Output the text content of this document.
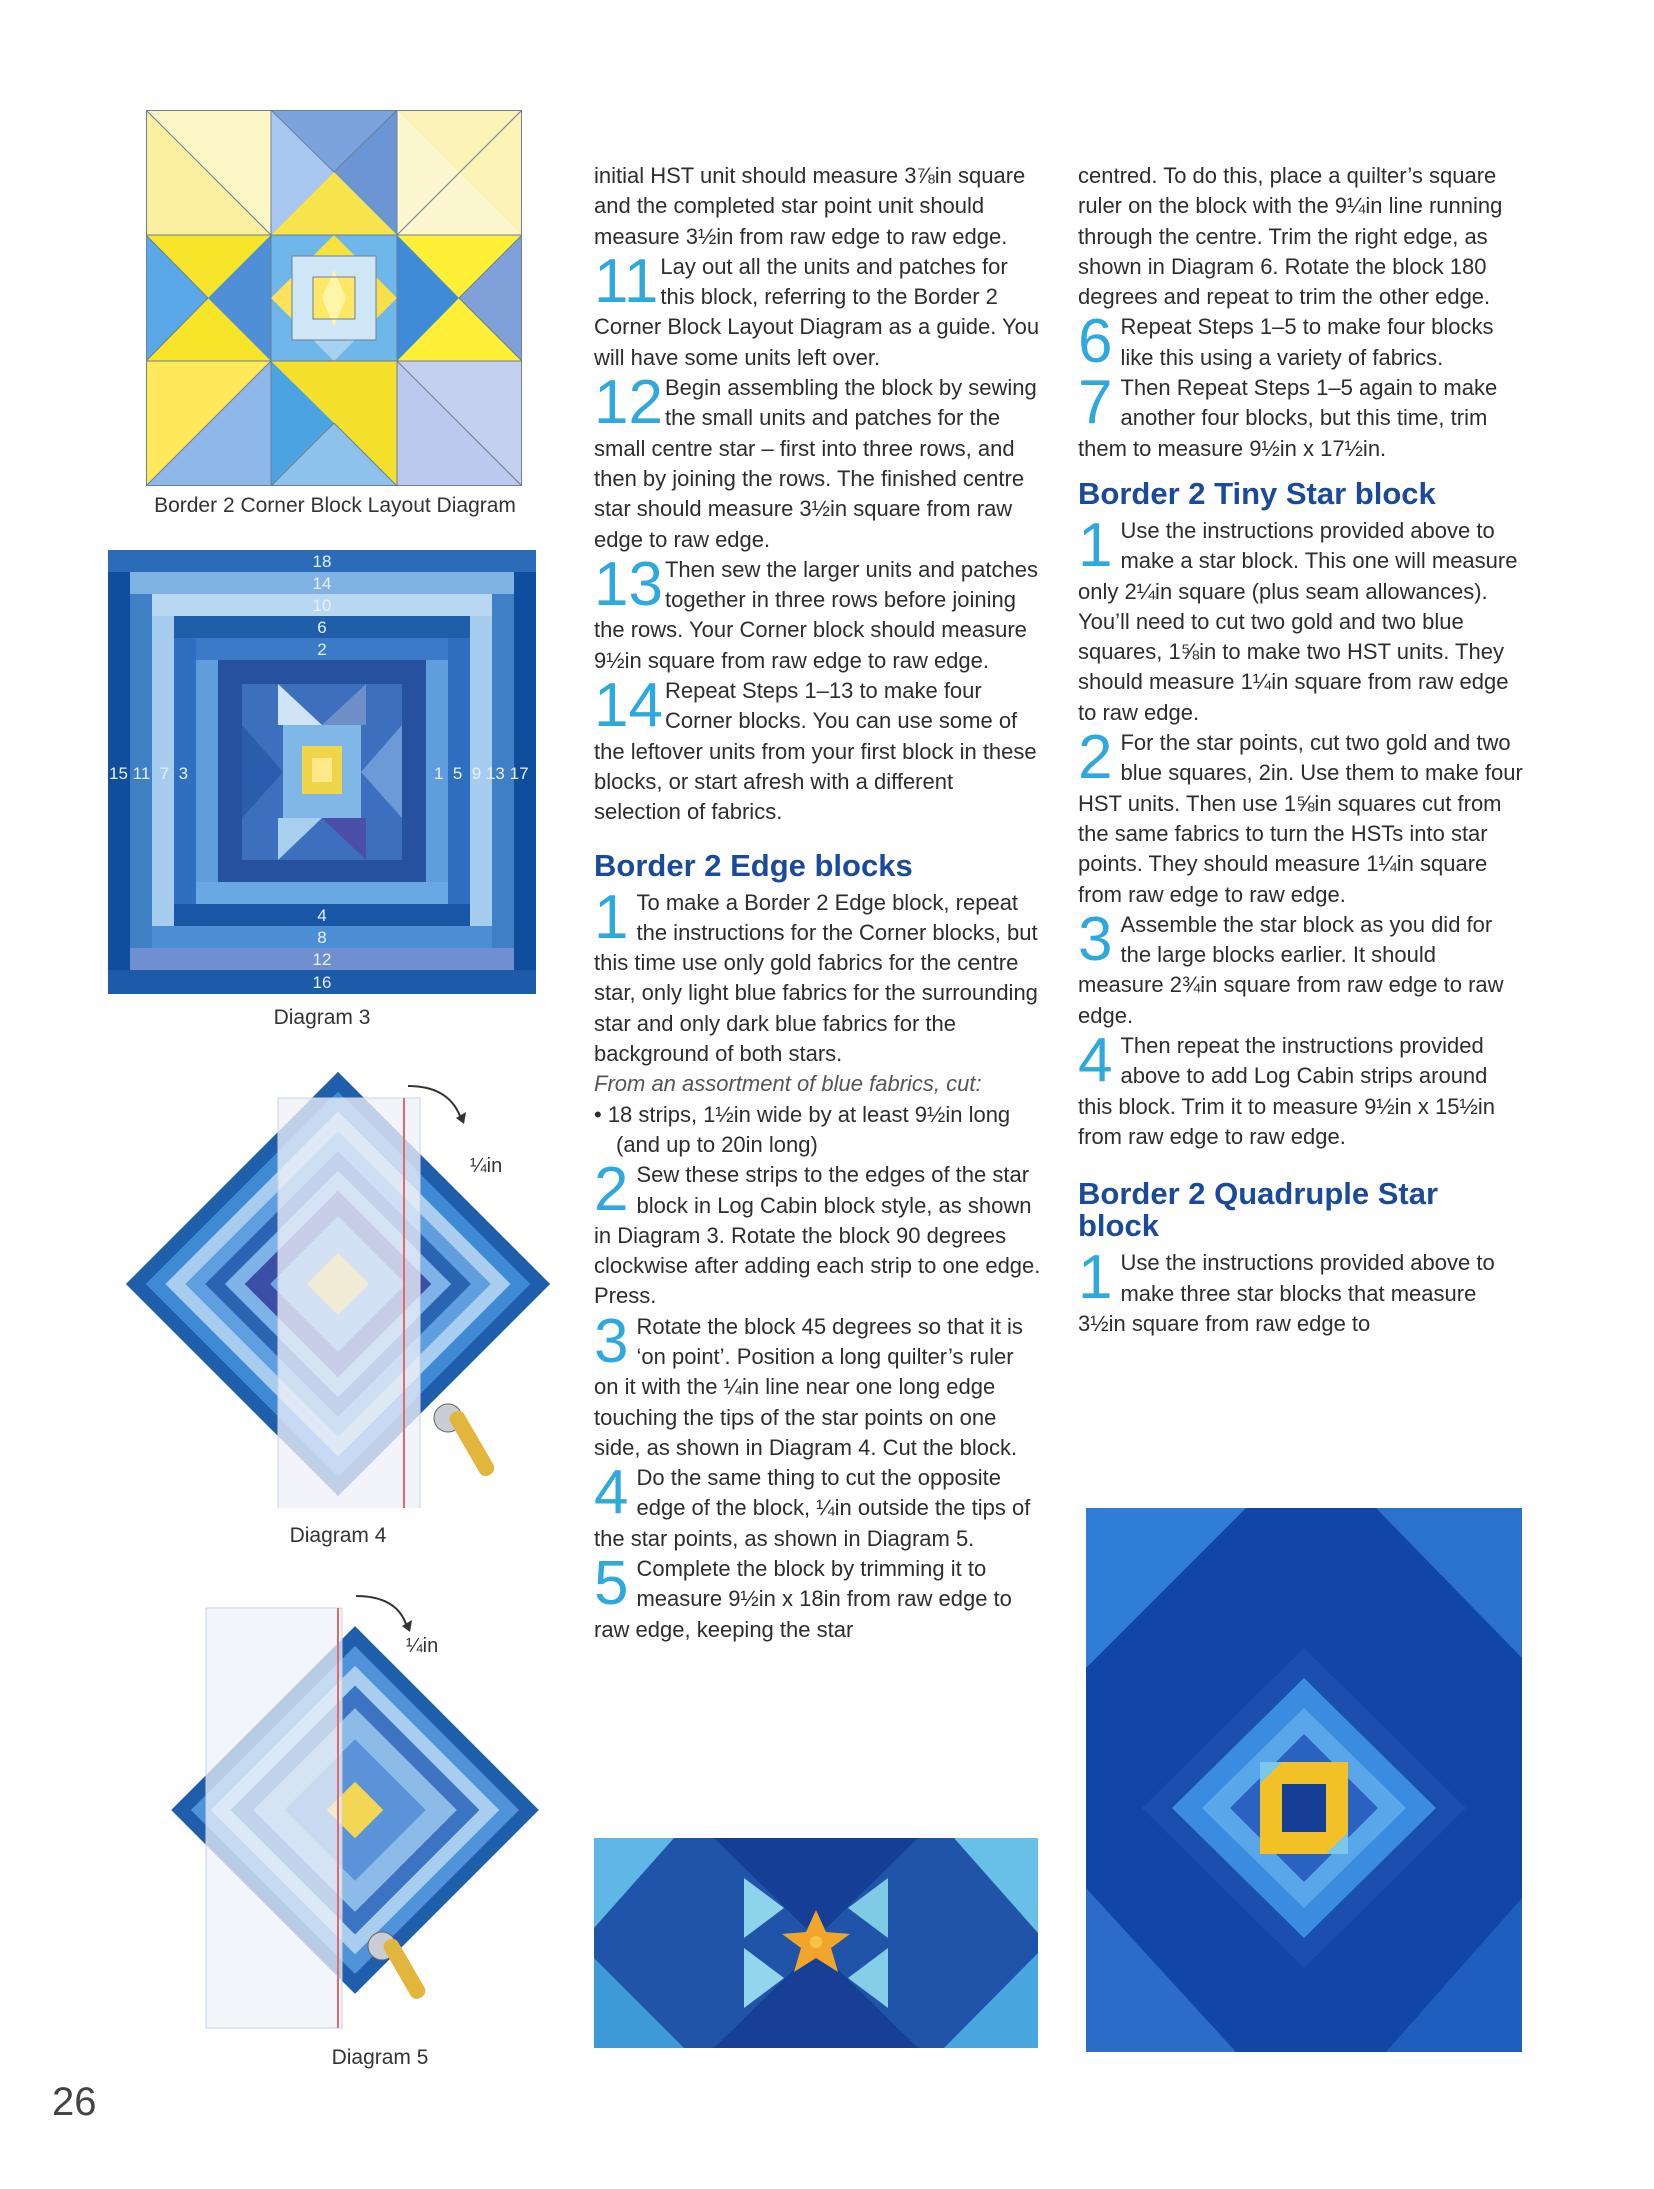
Border 2 Corner Block Layout Diagram
18
14
10
6
2
4
8
12
16
15 11  7  3	1  5  9 13 17
Diagram 3
¼in
Diagram 4
¼in
Diagram 5

initial HST unit should measure 3⅞in square and the completed star point unit should measure 3½in from raw edge to raw edge.

11 Lay out all the units and patches for this block, referring to the Border 2 Corner Block Layout Diagram as a guide. You will have some units left over.

12 Begin assembling the block by sewing the small units and patches for the small centre star – first into three rows, and then by joining the rows. The finished centre star should measure 3½in square from raw edge to raw edge.

13 Then sew the larger units and patches together in three rows before joining the rows. Your Corner block should measure 9½in square from raw edge to raw edge.

14 Repeat Steps 1–13 to make four Corner blocks. You can use some of the leftover units from your first block in these blocks, or start afresh with a different selection of fabrics.

Border 2 Edge blocks

1 To make a Border 2 Edge block, repeat the instructions for the Corner blocks, but this time use only gold fabrics for the centre star, only light blue fabrics for the surrounding star and only dark blue fabrics for the background of both stars.

From an assortment of blue fabrics, cut:

• 18 strips, 1½in wide by at least 9½in long (and up to 20in long)

2 Sew these strips to the edges of the star block in Log Cabin block style, as shown in Diagram 3. Rotate the block 90 degrees clockwise after adding each strip to one edge. Press.

3 Rotate the block 45 degrees so that it is ‘on point’. Position a long quilter’s ruler on it with the ¼in line near one long edge touching the tips of the star points on one side, as shown in Diagram 4. Cut the block.

4 Do the same thing to cut the opposite edge of the block, ¼in outside the tips of the star points, as shown in Diagram 5.

5 Complete the block by trimming it to measure 9½in x 18in from raw edge to raw edge, keeping the star

centred. To do this, place a quilter’s square ruler on the block with the 9¼in line running through the centre. Trim the right edge, as shown in Diagram 6. Rotate the block 180 degrees and repeat to trim the other edge.

6 Repeat Steps 1–5 to make four blocks like this using a variety of fabrics.

7 Then Repeat Steps 1–5 again to make another four blocks, but this time, trim them to measure 9½in x 17½in.

Border 2 Tiny Star block

1 Use the instructions provided above to make a star block. This one will measure only 2¼in square (plus seam allowances). You’ll need to cut two gold and two blue squares, 1⅝in to make two HST units. They should measure 1¼in square from raw edge to raw edge.

2 For the star points, cut two gold and two blue squares, 2in. Use them to make four HST units. Then use 1⅝in squares cut from the same fabrics to turn the HSTs into star points. They should measure 1¼in square from raw edge to raw edge.

3 Assemble the star block as you did for the large blocks earlier. It should measure 2¾in square from raw edge to raw edge.

4 Then repeat the instructions provided above to add Log Cabin strips around this block. Trim it to measure 9½in x 15½in from raw edge to raw edge.

Border 2 Quadruple Star block

1 Use the instructions provided above to make three star blocks that measure 3½in square from raw edge to

26
